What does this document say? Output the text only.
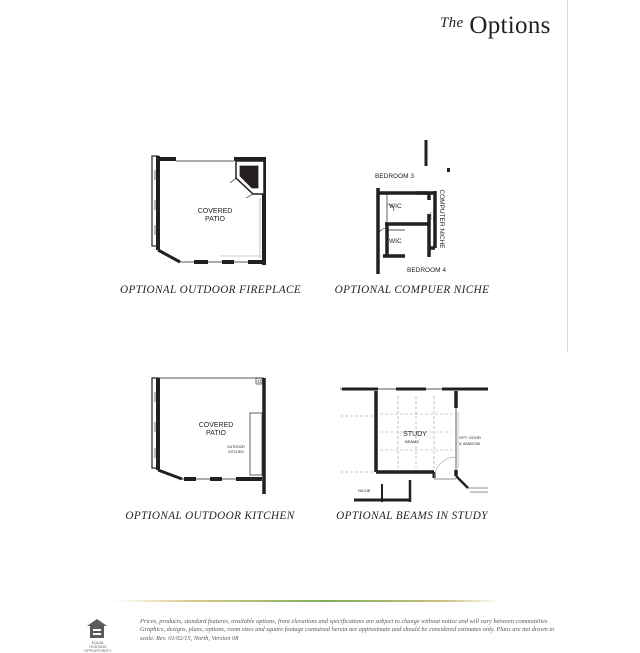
$^{The}$ Options
COVERED
PATIO
OPTIONAL OUTDOOR FIREPLACE
BEDROOM 3
WIC
WIC
BEDROOM 4
NIKE SPACE COMPUTER NICHE
OPTIONAL COMPUER NICHE
COVERED
PATIO
OUTDOOR
KITCHEN
OPTIONAL OUTDOOR KITCHEN
STUDY
BEAMS
OPT. DOOR
& WINDOW
NICHE
OPTIONAL BEAMS IN STUDY
EQUAL HOUSING OPPORTUNITY
Prices, products, standard features, available options, front elevations and specifications are subject to change without notice and will vary between communities. Graphics, designs, plans, options, room sizes and square footage contained herein are approximate and should be considered estimates only. Plans are not drawn to scale. Rev. 01/02/15, North, Version 08
